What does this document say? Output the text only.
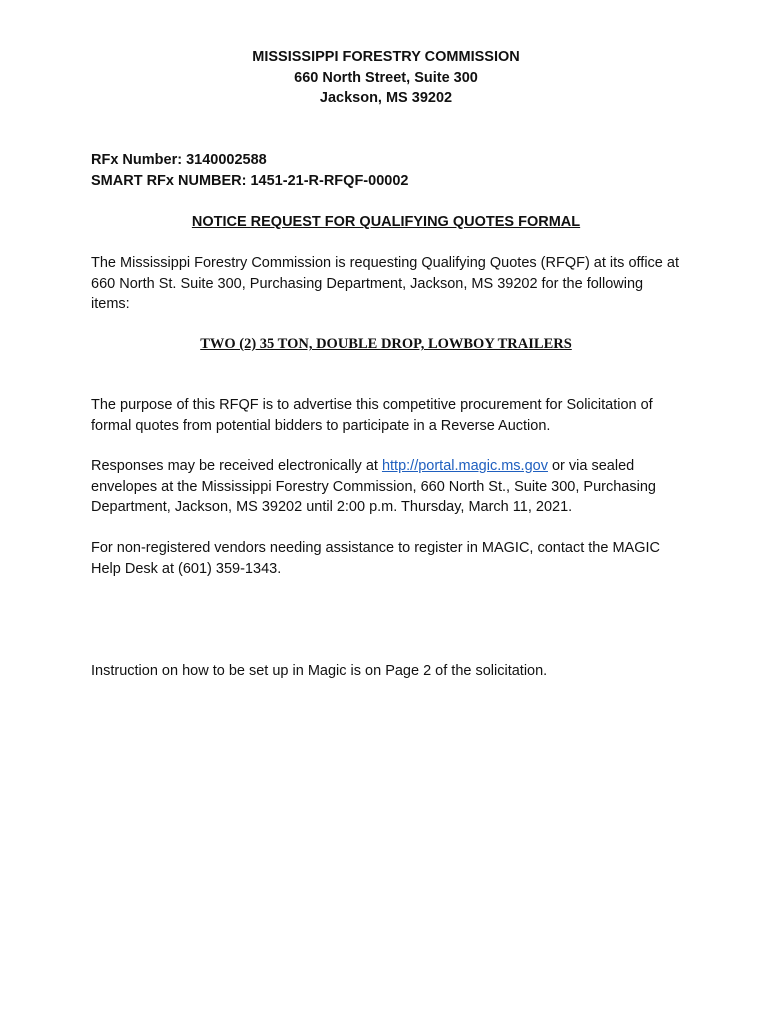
MISSISSIPPI FORESTRY COMMISSION
660 North Street, Suite 300
Jackson, MS 39202
RFx Number: 3140002588
SMART RFx NUMBER: 1451-21-R-RFQF-00002
NOTICE REQUEST FOR QUALIFYING QUOTES FORMAL

The Mississippi Forestry Commission is requesting Qualifying Quotes (RFQF) at its office at 660 North St. Suite 300, Purchasing Department, Jackson, MS 39202 for the following items:

TWO (2) 35 TON, DOUBLE DROP, LOWBOY TRAILERS

The purpose of this RFQF is to advertise this competitive procurement for Solicitation of formal quotes from potential bidders to participate in a Reverse Auction.

Responses may be received electronically at http://portal.magic.ms.gov or via sealed envelopes at the Mississippi Forestry Commission, 660 North St., Suite 300, Purchasing Department, Jackson, MS 39202 until 2:00 p.m. Thursday, March 11, 2021.

For non-registered vendors needing assistance to register in MAGIC, contact the MAGIC Help Desk at (601) 359-1343.

Instruction on how to be set up in Magic is on Page 2 of the solicitation.
